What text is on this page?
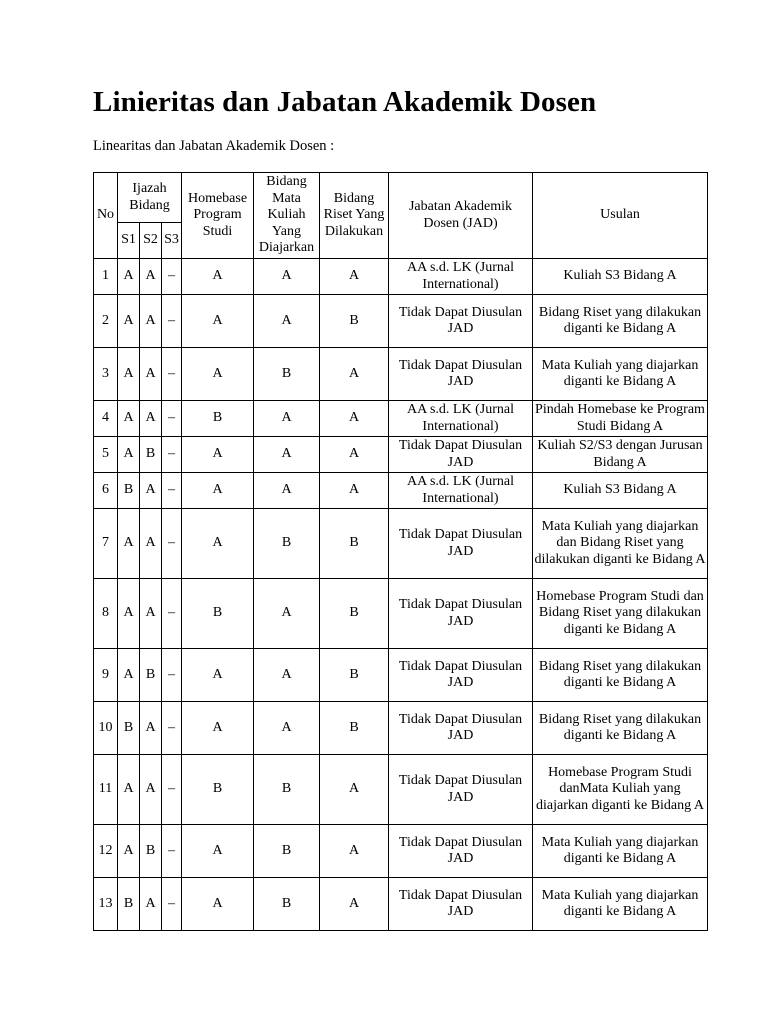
Linieritas dan Jabatan Akademik Dosen

Linearitas dan Jabatan Akademik Dosen :

No	Ijazah Bidang			Homebase Program Studi	Bidang Mata Kuliah Yang Diajarkan	Bidang Riset Yang Dilakukan	Jabatan Akademik Dosen (JAD)	Usulan
	S1	S2	S3					
1	A	A	–	A	A	A	AA s.d. LK (Jurnal International)	Kuliah S3 Bidang A
2	A	A	–	A	A	B	Tidak Dapat Diusulan JAD	Bidang Riset yang dilakukan diganti ke Bidang A
3	A	A	–	A	B	A	Tidak Dapat Diusulan JAD	Mata Kuliah yang diajarkan diganti ke Bidang A
4	A	A	–	B	A	A	AA s.d. LK (Jurnal International)	Pindah Homebase ke Program Studi Bidang A
5	A	B	–	A	A	A	Tidak Dapat Diusulan JAD	Kuliah S2/S3 dengan Jurusan Bidang A
6	B	A	–	A	A	A	AA s.d. LK (Jurnal International)	Kuliah S3 Bidang A
7	A	A	–	A	B	B	Tidak Dapat Diusulan JAD	Mata Kuliah yang diajarkan dan Bidang Riset yang dilakukan diganti ke Bidang A
8	A	A	–	B	A	B	Tidak Dapat Diusulan JAD	Homebase Program Studi dan Bidang Riset yang dilakukan diganti ke Bidang A
9	A	B	–	A	A	B	Tidak Dapat Diusulan JAD	Bidang Riset yang dilakukan diganti ke Bidang A
10	B	A	–	A	A	B	Tidak Dapat Diusulan JAD	Bidang Riset yang dilakukan diganti ke Bidang A
11	A	A	–	B	B	A	Tidak Dapat Diusulan JAD	Homebase Program Studi danMata Kuliah yang diajarkan diganti ke Bidang A
12	A	B	–	A	B	A	Tidak Dapat Diusulan JAD	Mata Kuliah yang diajarkan diganti ke Bidang A
13	B	A	–	A	B	A	Tidak Dapat Diusulan JAD	Mata Kuliah yang diajarkan diganti ke Bidang A
